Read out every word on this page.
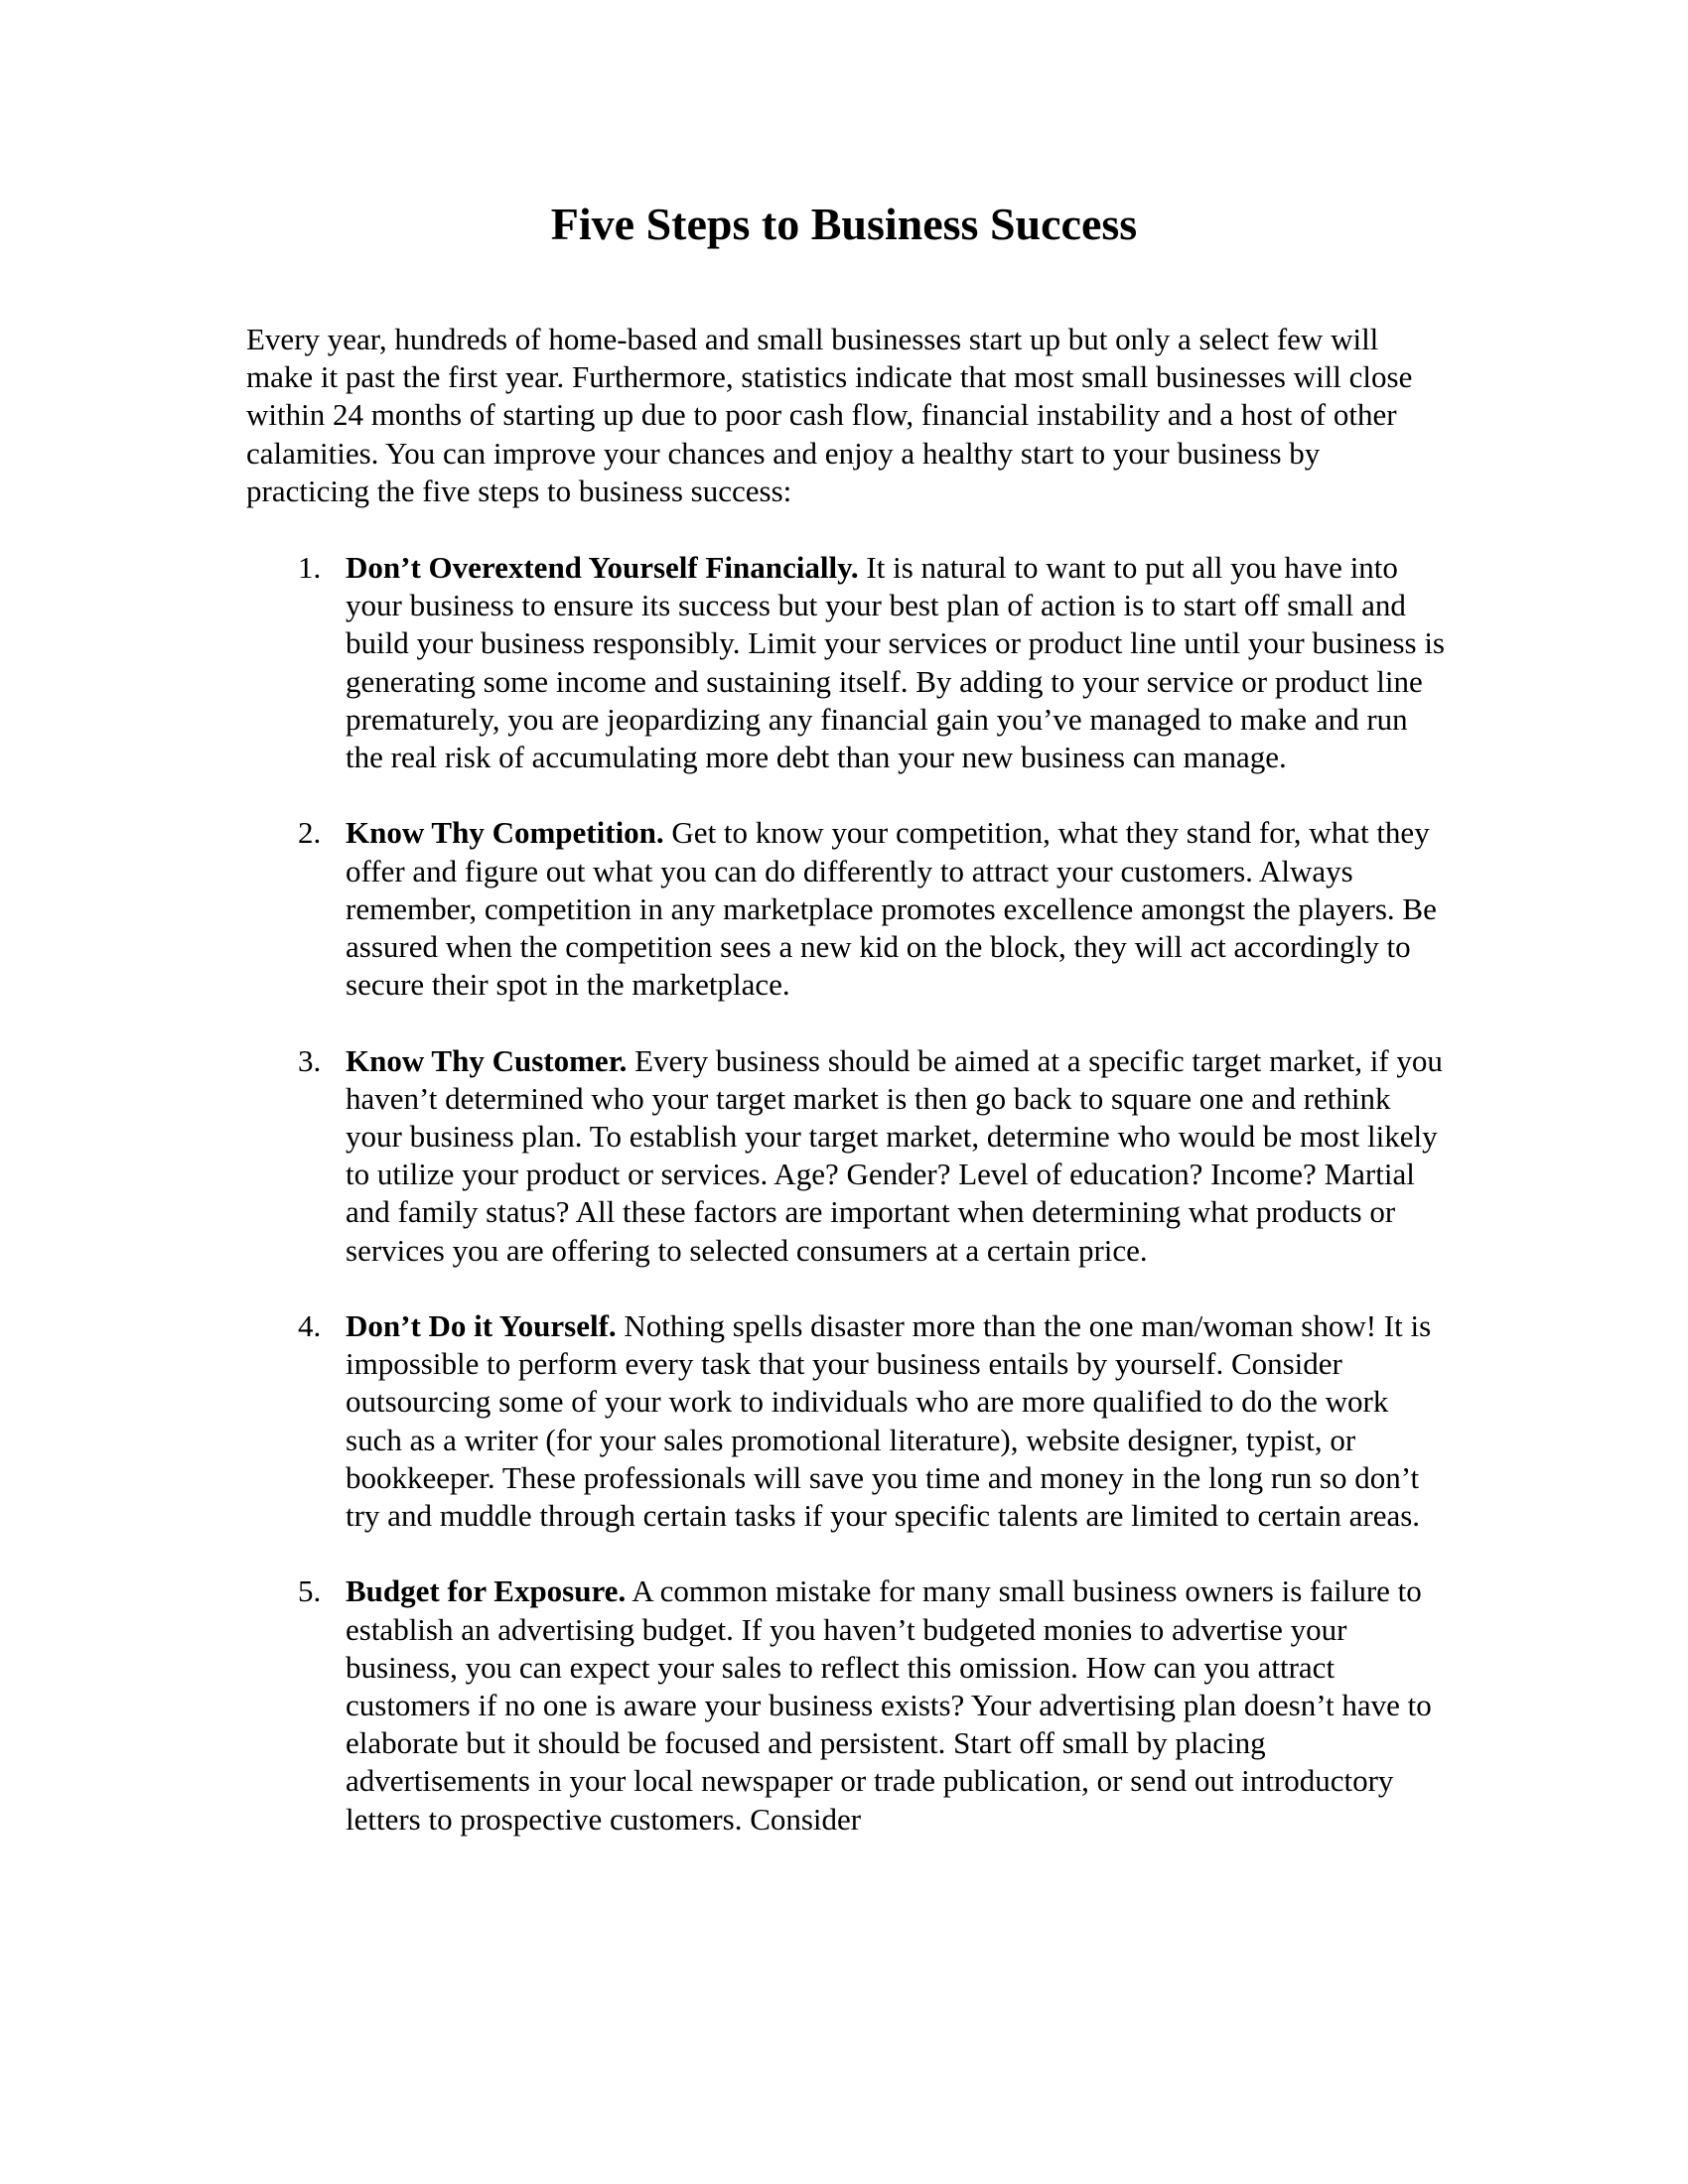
Five Steps to Business Success

Every year, hundreds of home-based and small businesses start up but only a select few will make it past the first year. Furthermore, statistics indicate that most small businesses will close within 24 months of starting up due to poor cash flow, financial instability and a host of other calamities. You can improve your chances and enjoy a healthy start to your business by practicing the five steps to business success:

1. Don’t Overextend Yourself Financially. It is natural to want to put all you have into your business to ensure its success but your best plan of action is to start off small and build your business responsibly. Limit your services or product line until your business is generating some income and sustaining itself. By adding to your service or product line prematurely, you are jeopardizing any financial gain you’ve managed to make and run the real risk of accumulating more debt than your new business can manage.
2. Know Thy Competition. Get to know your competition, what they stand for, what they offer and figure out what you can do differently to attract your customers. Always remember, competition in any marketplace promotes excellence amongst the players. Be assured when the competition sees a new kid on the block, they will act accordingly to secure their spot in the marketplace.
3. Know Thy Customer. Every business should be aimed at a specific target market, if you haven’t determined who your target market is then go back to square one and rethink your business plan. To establish your target market, determine who would be most likely to utilize your product or services. Age? Gender? Level of education? Income? Martial and family status? All these factors are important when determining what products or services you are offering to selected consumers at a certain price.
4. Don’t Do it Yourself. Nothing spells disaster more than the one man/woman show! It is impossible to perform every task that your business entails by yourself. Consider outsourcing some of your work to individuals who are more qualified to do the work such as a writer (for your sales promotional literature), website designer, typist, or bookkeeper. These professionals will save you time and money in the long run so don’t try and muddle through certain tasks if your specific talents are limited to certain areas.
5. Budget for Exposure. A common mistake for many small business owners is failure to establish an advertising budget. If you haven’t budgeted monies to advertise your business, you can expect your sales to reflect this omission. How can you attract customers if no one is aware your business exists? Your advertising plan doesn’t have to elaborate but it should be focused and persistent. Start off small by placing advertisements in your local newspaper or trade publication, or send out introductory letters to prospective customers. Consider
